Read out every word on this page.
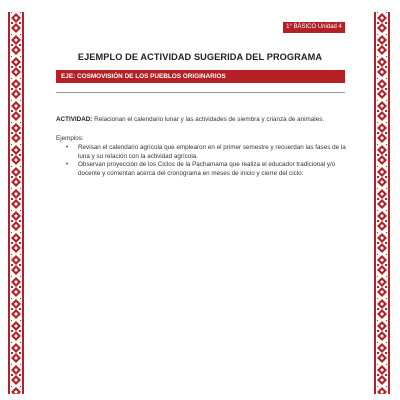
1° BÁSICO Unidad 4
EJEMPLO DE ACTIVIDAD SUGERIDA DEL PROGRAMA
EJE: COSMOVISIÓN DE LOS PUEBLOS ORIGINARIOS

ACTIVIDAD: Relacionan el calendario lunar y las actividades de siembra y crianza de animales.

Ejemplos:

• Revisan el calendario agrícola que emplearon en el primer semestre y recuerdan las fases de la luna y su relación con la actividad agrícola.
• Observan proyección de los Ciclos de la Pachamama que realiza el educador tradicional y/o docente y comentan acerca del cronograma en meses de inicio y cierre del ciclo:
